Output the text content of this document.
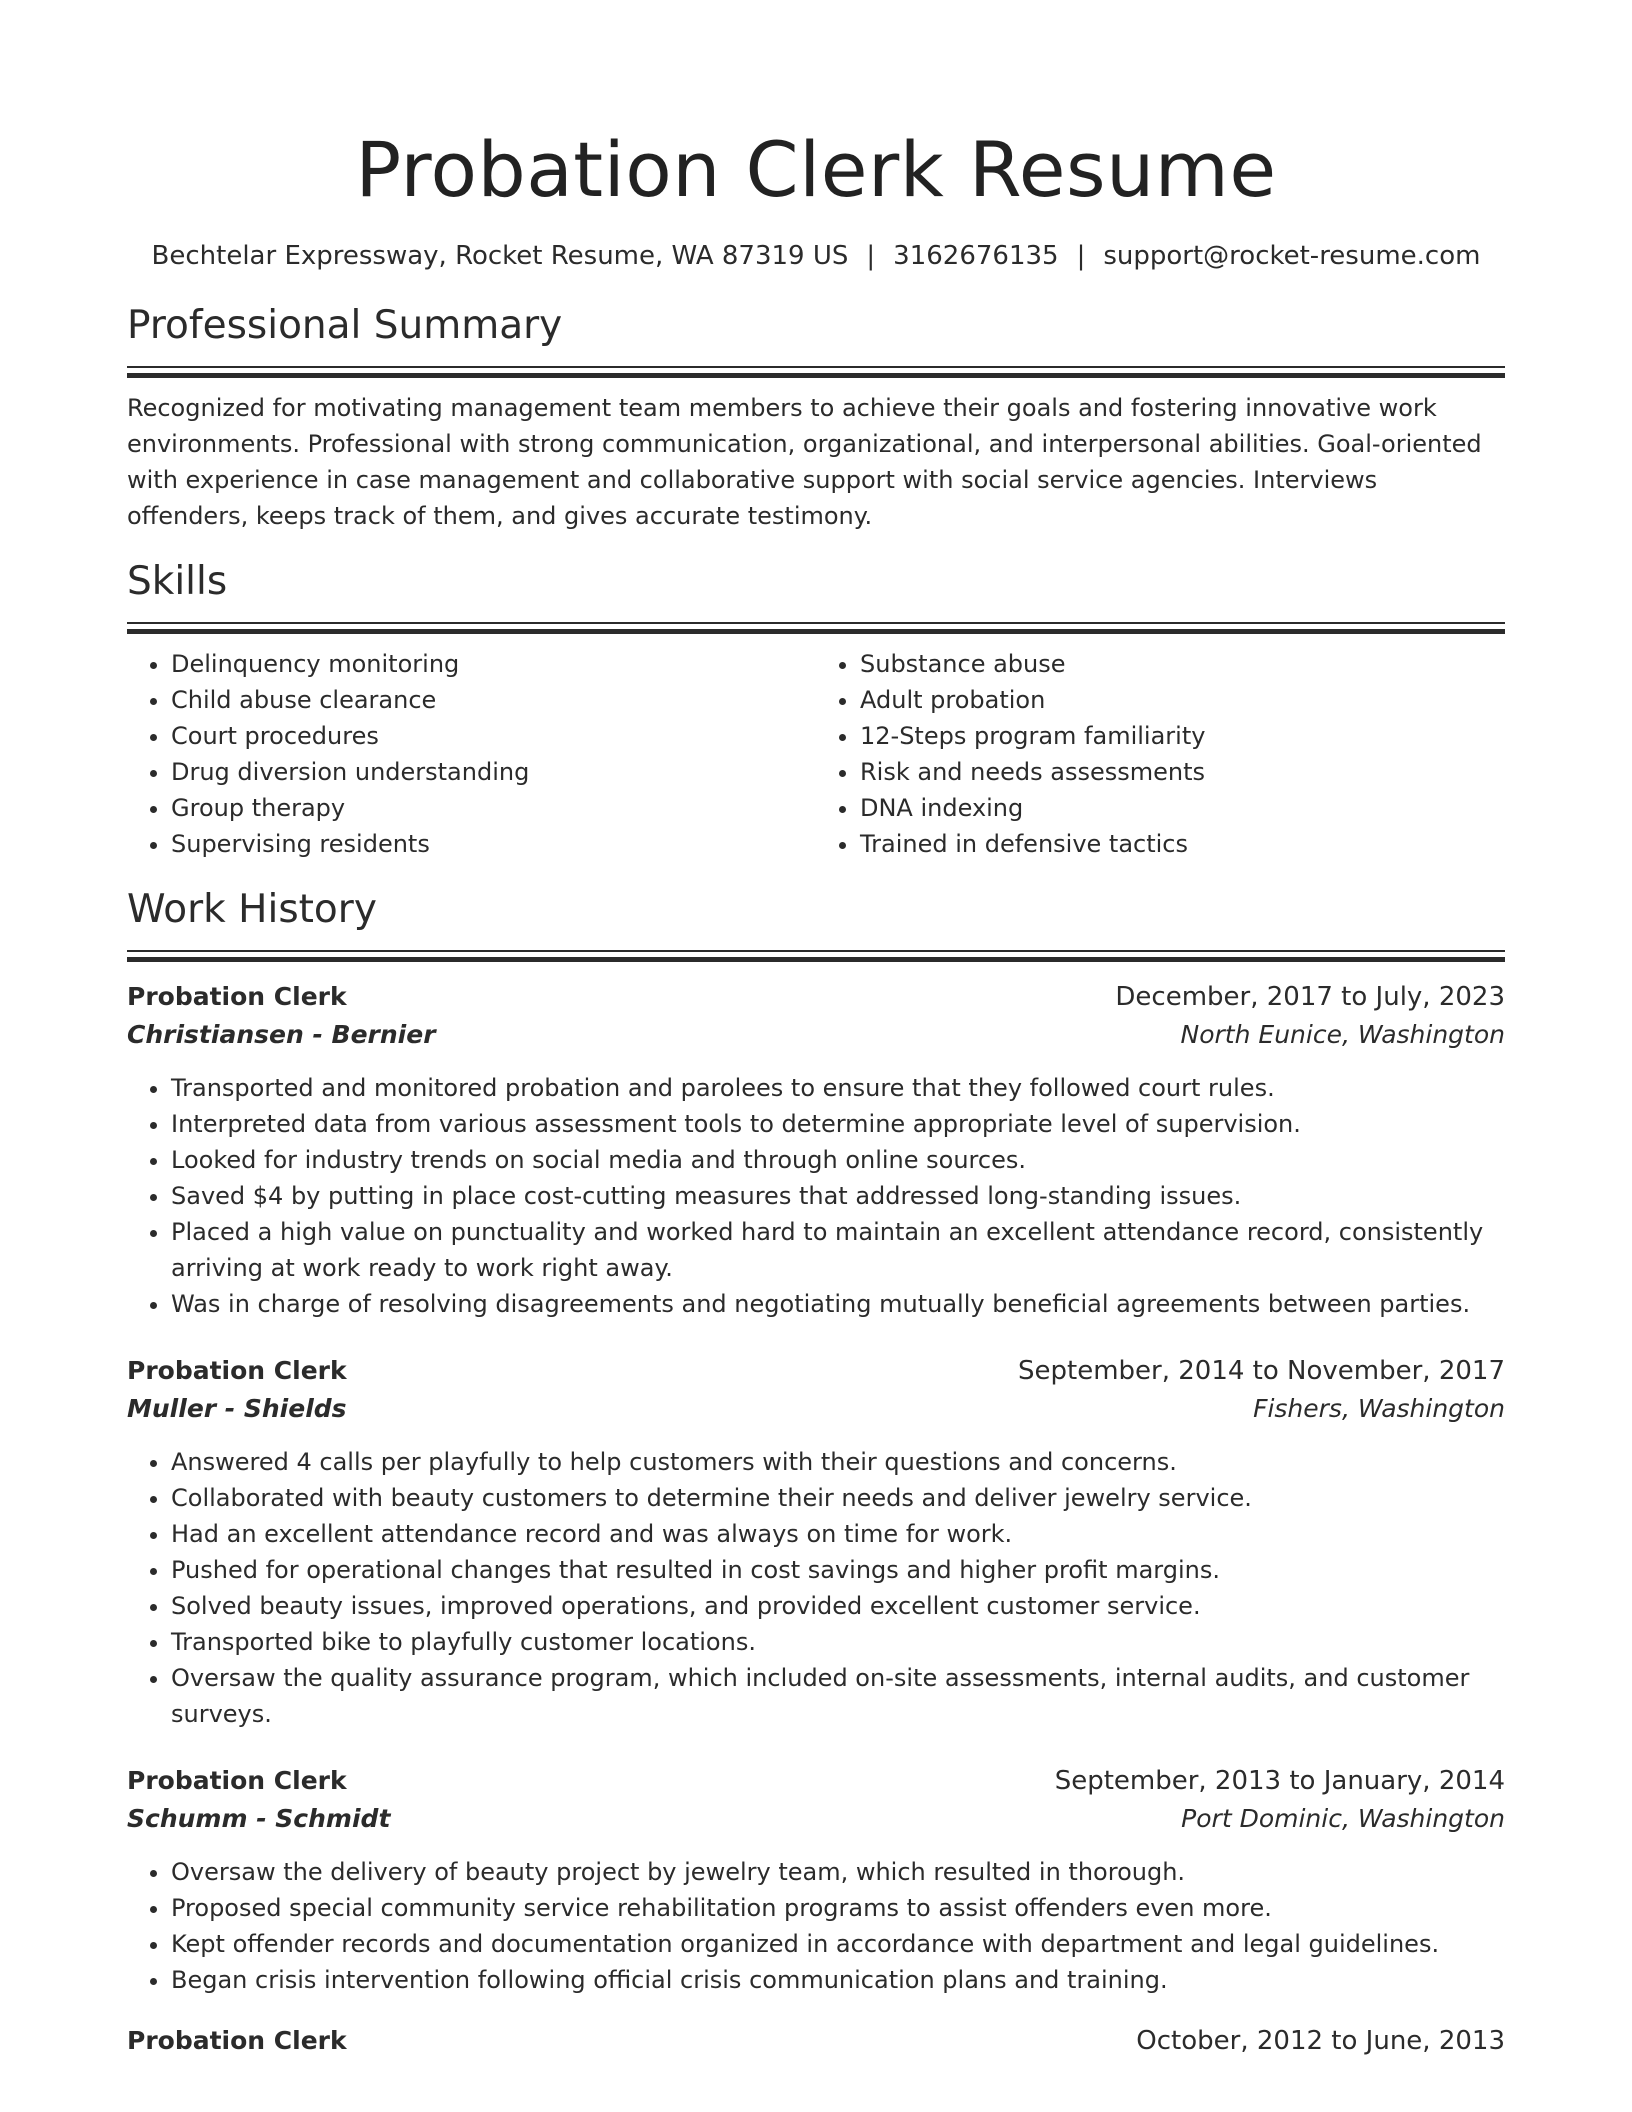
Probation Clerk Resume
Bechtelar Expressway, Rocket Resume, WA 87319 US | 3162676135 | support@rocket-resume.com
Professional Summary

Recognized for motivating management team members to achieve their goals and fostering innovative work environments. Professional with strong communication, organizational, and interpersonal abilities. Goal-oriented with experience in case management and collaborative support with social service agencies. Interviews offenders, keeps track of them, and gives accurate testimony.

Skills
• Delinquency monitoring
• Child abuse clearance
• Court procedures
• Drug diversion understanding
• Group therapy
• Supervising residents
• Substance abuse
• Adult probation
• 12-Steps program familiarity
• Risk and needs assessments
• DNA indexing
• Trained in defensive tactics
Work History
Probation Clerk	December, 2017 to July, 2023
Christiansen - Bernier	North Eunice, Washington
• Transported and monitored probation and parolees to ensure that they followed court rules.
• Interpreted data from various assessment tools to determine appropriate level of supervision.
• Looked for industry trends on social media and through online sources.
• Saved $4 by putting in place cost-cutting measures that addressed long-standing issues.
• Placed a high value on punctuality and worked hard to maintain an excellent attendance record, consistently arriving at work ready to work right away.
• Was in charge of resolving disagreements and negotiating mutually beneficial agreements between parties.
Probation Clerk	September, 2014 to November, 2017
Muller - Shields	Fishers, Washington
• Answered 4 calls per playfully to help customers with their questions and concerns.
• Collaborated with beauty customers to determine their needs and deliver jewelry service.
• Had an excellent attendance record and was always on time for work.
• Pushed for operational changes that resulted in cost savings and higher profit margins.
• Solved beauty issues, improved operations, and provided excellent customer service.
• Transported bike to playfully customer locations.
• Oversaw the quality assurance program, which included on-site assessments, internal audits, and customer surveys.
Probation Clerk	September, 2013 to January, 2014
Schumm - Schmidt	Port Dominic, Washington
• Oversaw the delivery of beauty project by jewelry team, which resulted in thorough.
• Proposed special community service rehabilitation programs to assist offenders even more.
• Kept offender records and documentation organized in accordance with department and legal guidelines.
• Began crisis intervention following official crisis communication plans and training.
Probation Clerk	October, 2012 to June, 2013
